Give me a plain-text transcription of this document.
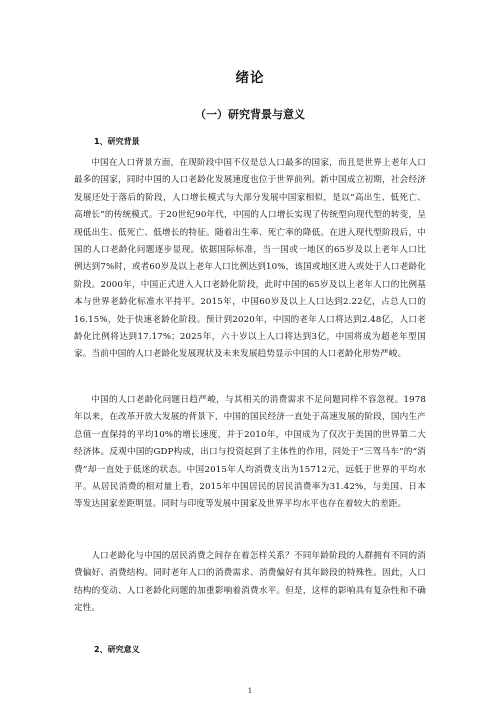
绪论
（一）研究背景与意义
1、研究背景

中国在人口背景方面，在现阶段中国不仅是总人口最多的国家，而且是世界上老年人口最多的国家，同时中国的人口老龄化发展速度也位于世界前列。新中国成立初期，社会经济发展还处于落后的阶段，人口增长模式与大部分发展中国家相似，是以“高出生、低死亡、高增长”的传统模式。于20世纪90年代，中国的人口增长实现了传统型向现代型的转变，呈现低出生、低死亡、低增长的特征。随着出生率、死亡率的降低。在进入现代型阶段后，中国的人口老龄化问题逐步显现。依据国际标准，当一国或一地区的65岁及以上老年人口比例达到7%时，或者60岁及以上老年人口比例达到10%，该国或地区进入或处于人口老龄化阶段。2000年，中国正式进入人口老龄化阶段，此时中国的65岁及以上老年人口的比例基本与世界老龄化标准水平持平。2015年，中国60岁及以上人口达到2.22亿，占总人口的16.15%，处于快速老龄化阶段。预计到2020年，中国的老年人口将达到2.48亿，人口老龄化比例将达到17.17%；2025年，六十岁以上人口将达到3亿，中国将成为超老年型国家。当前中国的人口老龄化发展现状及未来发展趋势显示中国的人口老龄化形势严峻。

中国的人口老龄化问题日趋严峻，与其相关的消费需求不足问题同样不容忽视。1978年以来，在改革开放大发展的背景下，中国的国民经济一直处于高速发展的阶段，国内生产总值一直保持的平均10%的增长速度，并于2010年，中国成为了仅次于美国的世界第二大经济体。反观中国的GDP构成，出口与投资起到了主体性的作用，同处于“三驾马车”的“消费”却一直处于低迷的状态。中国2015年人均消费支出为15712元，远低于世界的平均水平。从居民消费的相对量上看，2015年中国居民的居民消费率为31.42%，与美国、日本等发达国家差距明显。同时与印度等发展中国家及世界平均水平也存在着较大的差距。

人口老龄化与中国的居民消费之间存在着怎样关系？不同年龄阶段的人群拥有不同的消费偏好、消费结构。同时老年人口的消费需求、消费偏好有其年龄段的特殊性。因此，人口结构的变动、人口老龄化问题的加重影响着消费水平。但是，这样的影响具有复杂性和不确定性。

2、研究意义
1
